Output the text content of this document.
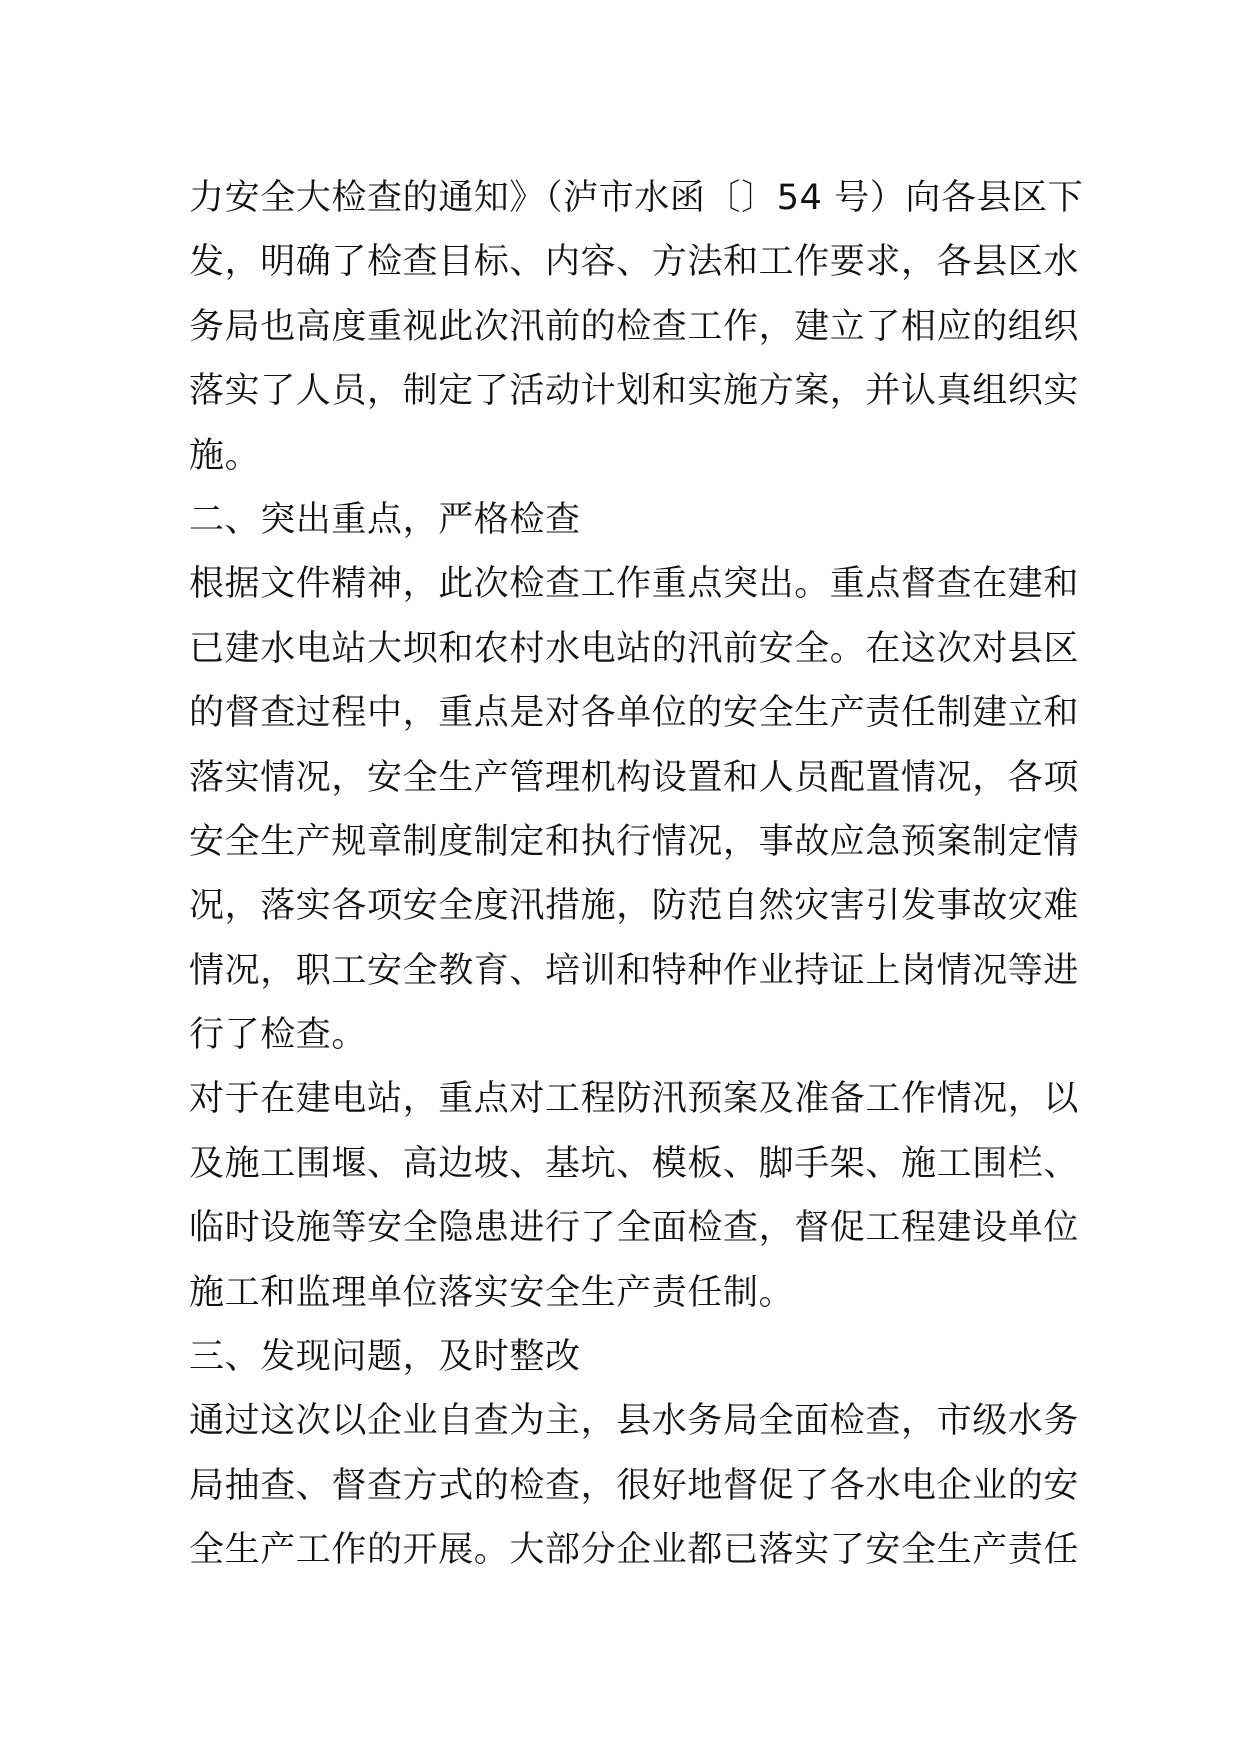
力安全大检查的通知》（泸市水函〔〕54 号）向各县区下
发，明确了检查目标、内容、方法和工作要求，各县区水
务局也高度重视此次汛前的检查工作，建立了相应的组织
落实了人员，制定了活动计划和实施方案，并认真组织实
施。
二、突出重点，严格检查
根据文件精神，此次检查工作重点突出。重点督查在建和
已建水电站大坝和农村水电站的汛前安全。在这次对县区
的督查过程中，重点是对各单位的安全生产责任制建立和
落实情况，安全生产管理机构设置和人员配置情况，各项
安全生产规章制度制定和执行情况，事故应急预案制定情
况，落实各项安全度汛措施，防范自然灾害引发事故灾难
情况，职工安全教育、培训和特种作业持证上岗情况等进
行了检查。
对于在建电站，重点对工程防汛预案及准备工作情况，以
及施工围堰、高边坡、基坑、模板、脚手架、施工围栏、
临时设施等安全隐患进行了全面检查，督促工程建设单位
施工和监理单位落实安全生产责任制。
三、发现问题，及时整改
通过这次以企业自查为主，县水务局全面检查，市级水务
局抽查、督查方式的检查，很好地督促了各水电企业的安
全生产工作的开展。大部分企业都已落实了安全生产责任
